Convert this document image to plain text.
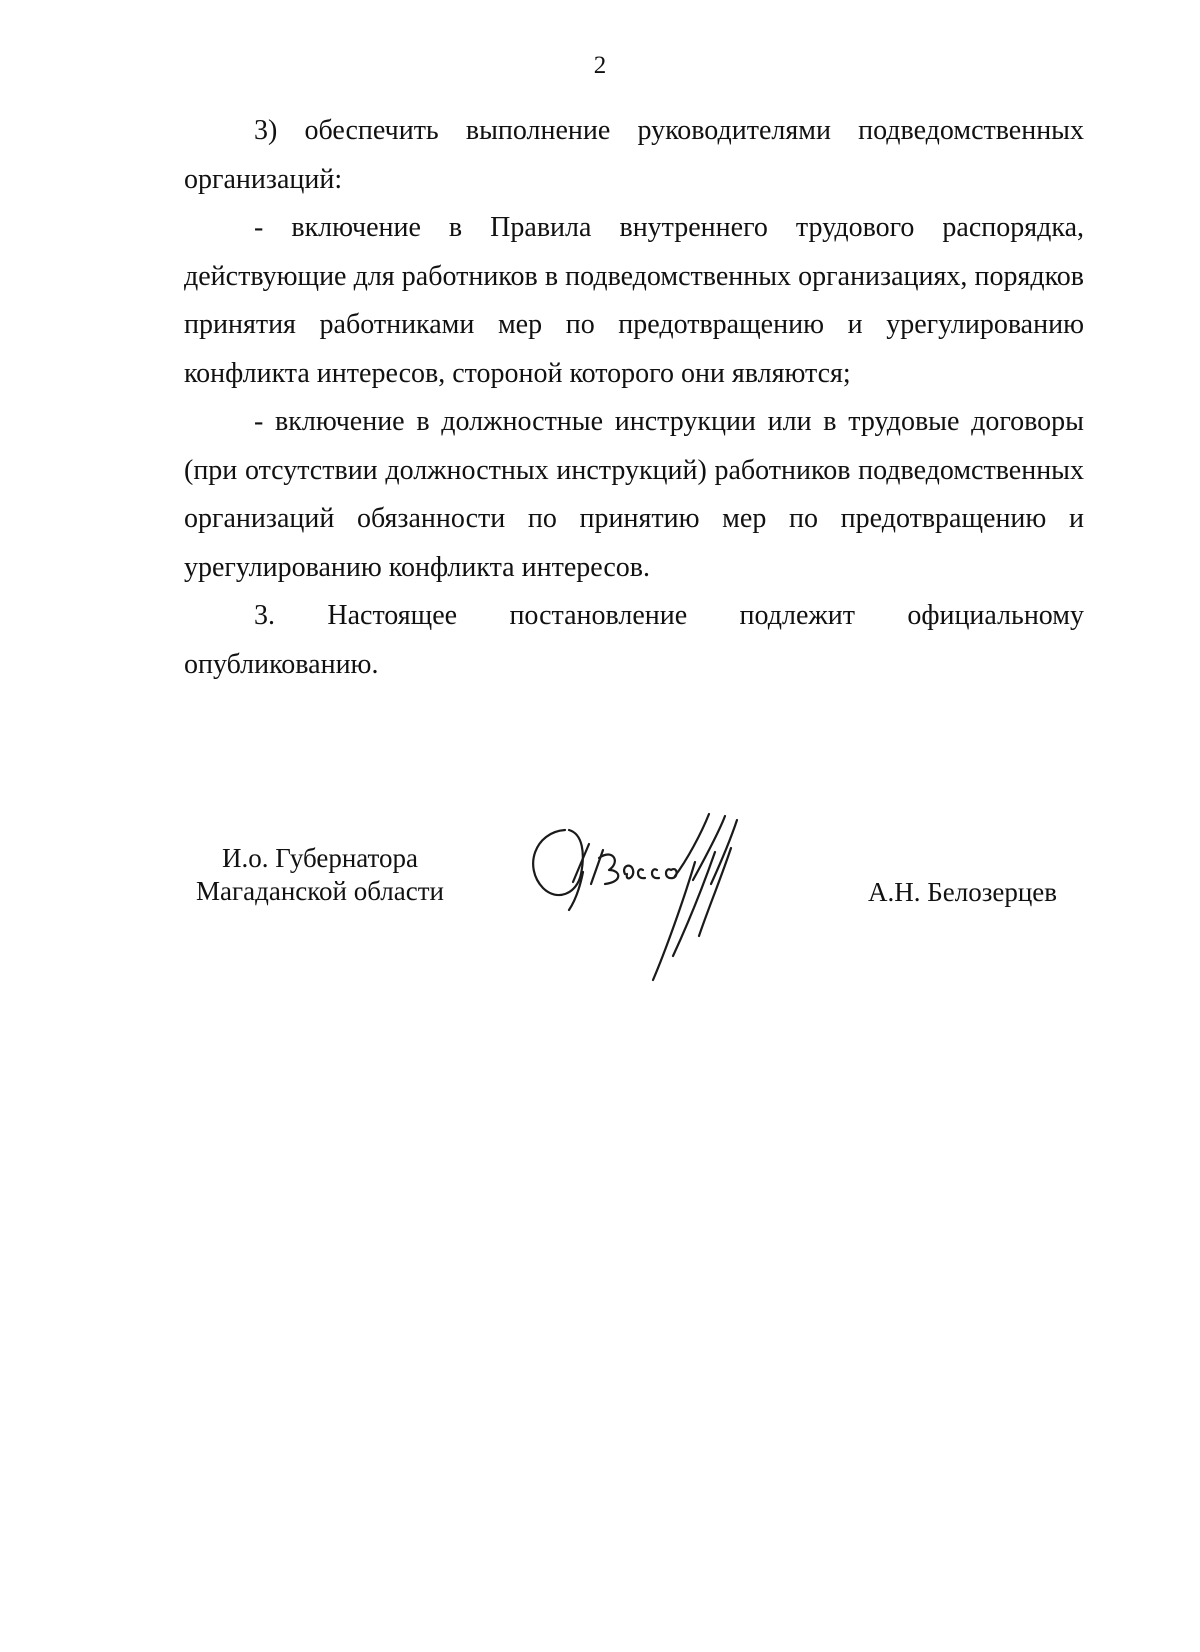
2

3) обеспечить выполнение руководителями подведомственных организаций:

- включение в Правила внутреннего трудового распорядка, действующие для работников в подведомственных организациях, порядков принятия работниками мер по предотвращению и урегулированию конфликта интересов, стороной которого они являются;

- включение в должностные инструкции или в трудовые договоры (при отсутствии должностных инструкций) работников подведомственных организаций обязанности по принятию мер по предотвращению и урегулированию конфликта интересов.

3. Настоящее постановление подлежит официальному опубликованию.

И.о. Губернатора
Магаданской области	А.Н. Белозерцев
